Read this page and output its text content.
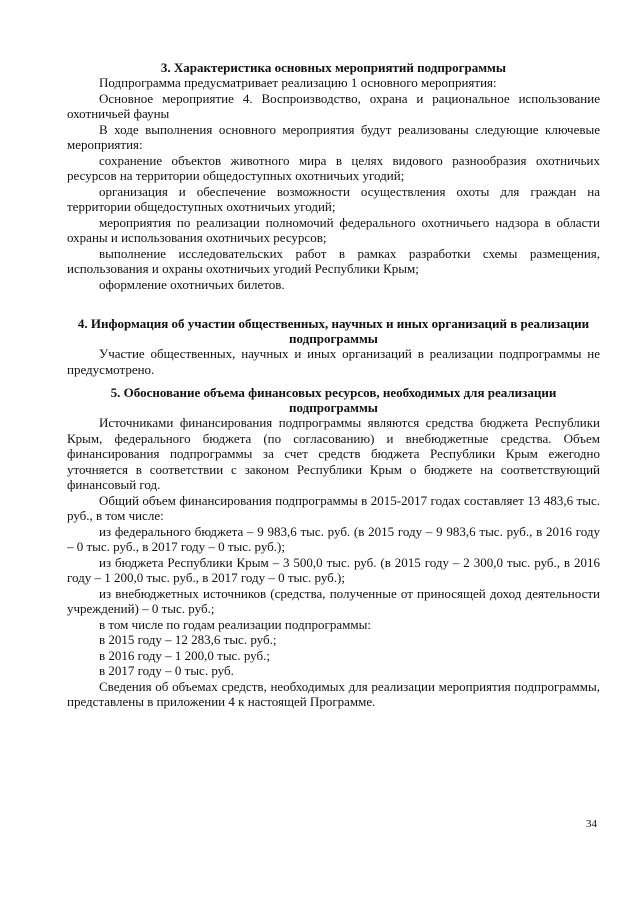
3. Характеристика основных мероприятий подпрограммы

Подпрограмма предусматривает реализацию 1 основного мероприятия:

Основное мероприятие 4. Воспроизводство, охрана и рациональное использование охотничьей фауны

В ходе выполнения основного мероприятия будут реализованы следующие ключевые мероприятия:

сохранение объектов животного мира в целях видового разнообразия охотничьих ресурсов на территории общедоступных охотничьих угодий;

организация и обеспечение возможности осуществления охоты для граждан на территории общедоступных охотничьих угодий;

мероприятия по реализации полномочий федерального охотничьего надзора в области охраны и использования охотничьих ресурсов;

выполнение исследовательских работ в рамках разработки схемы размещения, использования и охраны охотничьих угодий Республики Крым;

оформление охотничьих билетов.

4. Информация об участии общественных, научных и иных организаций в реализации подпрограммы

Участие общественных, научных и иных организаций в реализации подпрограммы не предусмотрено.

5. Обоснование объема финансовых ресурсов, необходимых для реализации подпрограммы

Источниками финансирования подпрограммы являются средства бюджета Республики Крым, федерального бюджета (по согласованию) и внебюджетные средства. Объем финансирования подпрограммы за счет средств бюджета Республики Крым ежегодно уточняется в соответствии с законом Республики Крым о бюджете на соответствующий финансовый год.

Общий объем финансирования подпрограммы в 2015-2017 годах составляет 13 483,6 тыс. руб., в том числе:

из федерального бюджета – 9 983,6 тыс. руб. (в 2015 году – 9 983,6 тыс. руб., в 2016 году – 0 тыс. руб., в 2017 году – 0 тыс. руб.);

из бюджета Республики Крым – 3 500,0 тыс. руб. (в 2015 году – 2 300,0 тыс. руб., в 2016 году – 1 200,0 тыс. руб., в 2017 году – 0 тыс. руб.);

из внебюджетных источников (средства, полученные от приносящей доход деятельности учреждений) – 0 тыс. руб.;

в том числе по годам реализации подпрограммы:

в 2015 году – 12 283,6 тыс. руб.;

в 2016 году – 1 200,0 тыс. руб.;

в 2017 году – 0 тыс. руб.

Сведения об объемах средств, необходимых для реализации мероприятия подпрограммы, представлены в приложении 4 к настоящей Программе.

34
